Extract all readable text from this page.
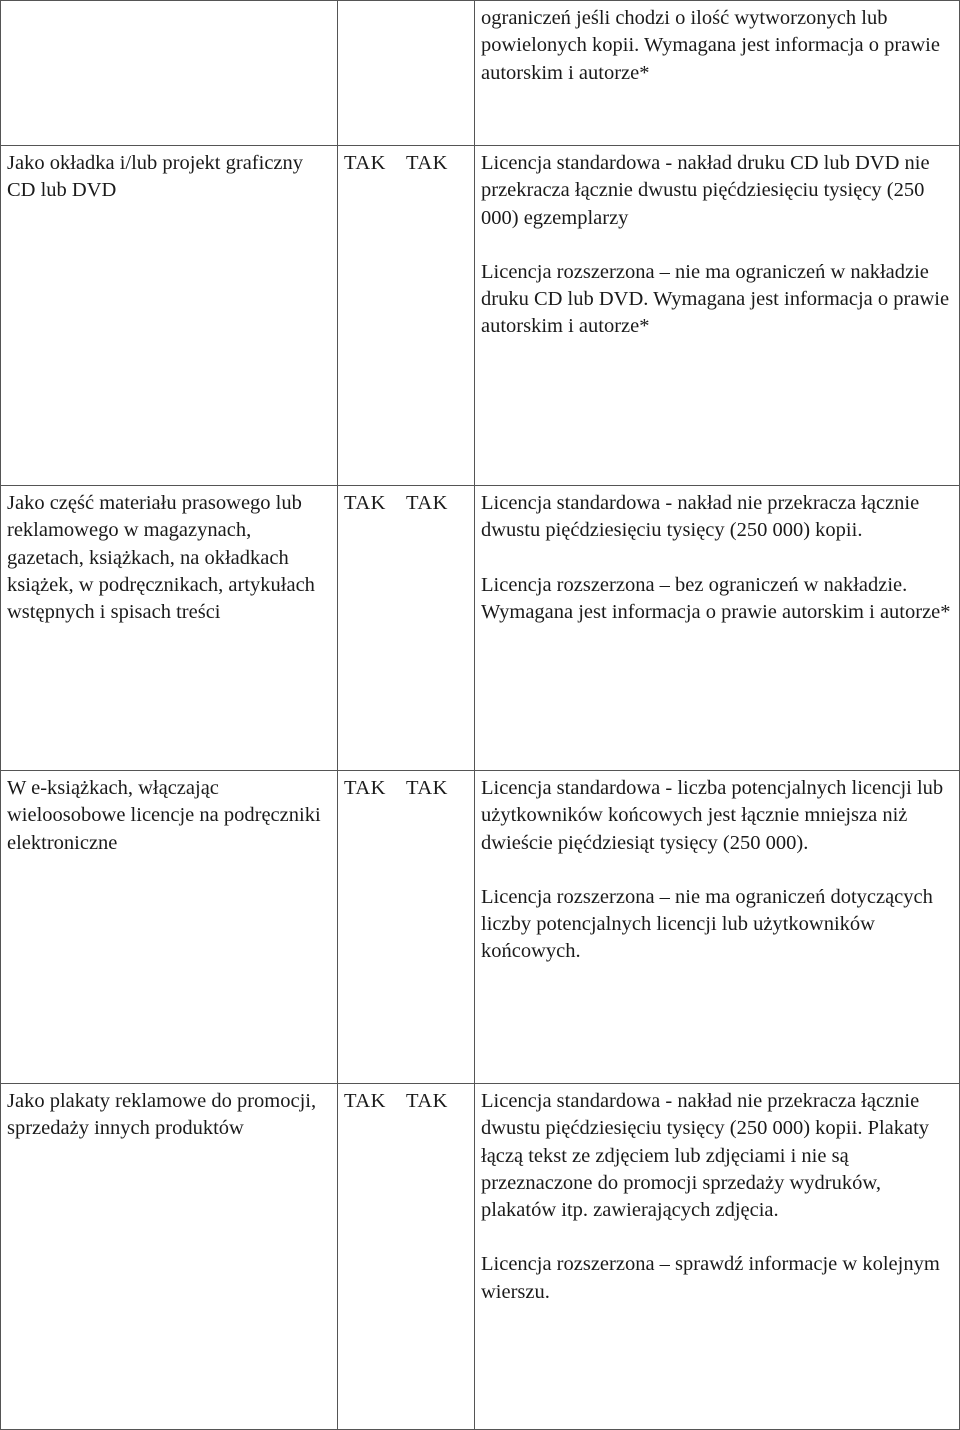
		ograniczeń jeśli chodzi o ilość wytworzonych lub powielonych kopii. Wymagana jest informacja o prawie autorskim i autorze*

Jako okładka i/lub projekt graficzny CD lub DVD	TAK TAK	Licencja standardowa - nakład druku CD lub DVD nie przekracza łącznie dwustu pięćdziesięciu tysięcy (250 000) egzemplarzy
Licencja rozszerzona – nie ma ograniczeń w nakładzie druku CD lub DVD. Wymagana jest informacja o prawie autorskim i autorze*

Jako część materiału prasowego lub reklamowego w magazynach, gazetach, książkach, na okładkach książek, w podręcznikach, artykułach wstępnych i spisach treści	TAK TAK	Licencja standardowa - nakład nie przekracza łącznie dwustu pięćdziesięciu tysięcy (250 000) kopii.
Licencja rozszerzona – bez ograniczeń w nakładzie. Wymagana jest informacja o prawie autorskim i autorze*

W e-książkach, włączając wieloosobowe licencje na podręczniki elektroniczne	TAK TAK	Licencja standardowa - liczba potencjalnych licencji lub użytkowników końcowych jest łącznie mniejsza niż dwieście pięćdziesiąt tysięcy (250 000).
Licencja rozszerzona – nie ma ograniczeń dotyczących liczby potencjalnych licencji lub użytkowników końcowych.

Jako plakaty reklamowe do promocji, sprzedaży innych produktów	TAK TAK	Licencja standardowa - nakład nie przekracza łącznie dwustu pięćdziesięciu tysięcy (250 000) kopii. Plakaty łączą tekst ze zdjęciem lub zdjęciami i nie są przeznaczone do promocji sprzedaży wydruków, plakatów itp. zawierających zdjęcia.
Licencja rozszerzona – sprawdź informacje w kolejnym wierszu.
